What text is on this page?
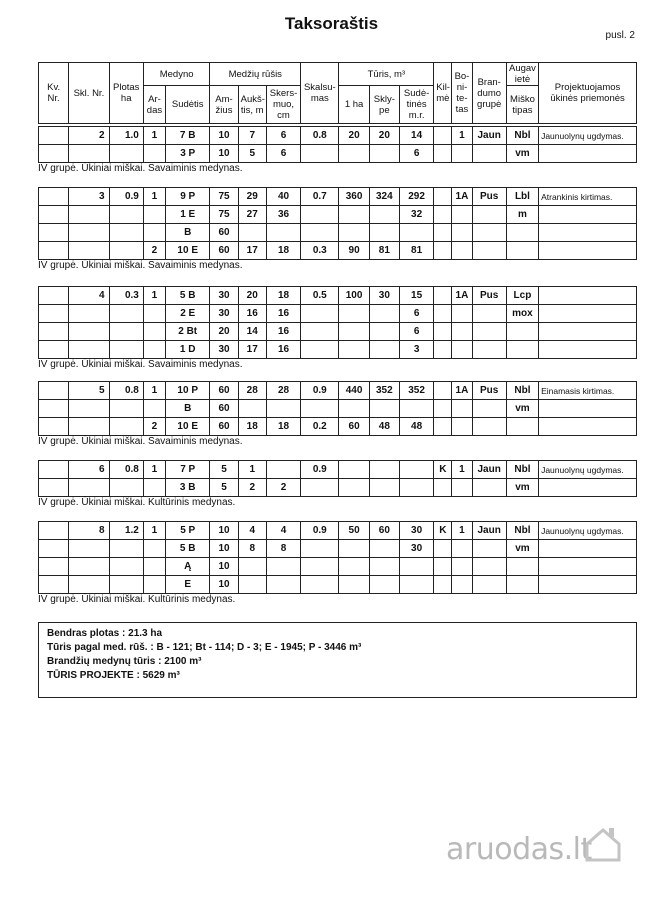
Taksoraštis
pusl. 2
Kv. Nr.	Skl. Nr.	Plotas ha	Medyno		Medžių rūšis			Skalsu- mas	Tūris, m³			Kil- mė	Bo- ni- te- tas	Bran- dumo grupė	Augav ietė	Projektuojamos ūkinės priemonės
			Ar- das	Sudėtis	Am- žius	Aukš- tis, m	Skers- muo, cm		1 ha	Skly- pe	Sudė- tinės m.r.				Miško tipas	

	2	1.0	1	7 B	10	7	6	0.8	20	20	14		1	Jaun	Nbl	Jaunuolynų ugdymas.
				3 P	10	5	6				6				vm	
IV grupė. Ūkiniai miškai. Savaiminis medynas.
	3	0.9	1	9 P	75	29	40	0.7	360	324	292		1A	Pus	Lbl	Atrankinis kirtimas.
				1 E	75	27	36				32				m	
				B	60											
			2	10 E	60	17	18	0.3	90	81	81					
IV grupė. Ūkiniai miškai. Savaiminis medynas.
	4	0.3	1	5 B	30	20	18	0.5	100	30	15		1A	Pus	Lcp	
				2 E	30	16	16				6				mox	
				2 Bt	20	14	16				6					
				1 D	30	17	16				3					
IV grupė. Ūkiniai miškai. Savaiminis medynas.
	5	0.8	1	10 P	60	28	28	0.9	440	352	352		1A	Pus	Nbl	Einamasis kirtimas.
				B	60										vm	
			2	10 E	60	18	18	0.2	60	48	48					
IV grupė. Ūkiniai miškai. Savaiminis medynas.
	6	0.8	1	7 P	5	1		0.9				K	1	Jaun	Nbl	Jaunuolynų ugdymas.
				3 B	5	2	2								vm	
IV grupė. Ūkiniai miškai. Kultūrinis medynas.
	8	1.2	1	5 P	10	4	4	0.9	50	60	30	K	1	Jaun	Nbl	Jaunuolynų ugdymas.
				5 B	10	8	8				30				vm	
				Ą	10											
				E	10											
IV grupė. Ūkiniai miškai. Kultūrinis medynas.
Bendras plotas : 21.3 ha
Tūris pagal med. rūš. : B - 121; Bt - 114; D - 3; E - 1945; P - 3446 m³
Brandžių medynų tūris : 2100 m³
TŪRIS PROJEKTE : 5629 m³
aruodas.lt
